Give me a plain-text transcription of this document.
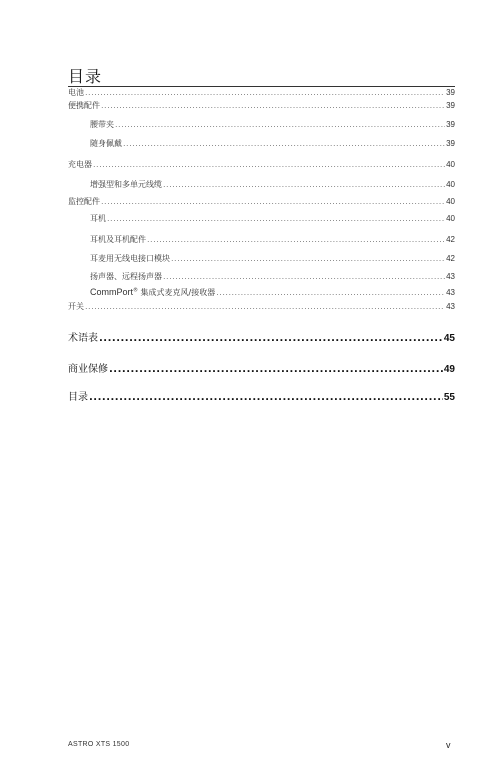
目录
电池 .....	39
便携配件 .....	39
腰带夹 .....	39
随身佩戴 .....	39
充电器 .....	40
增强型和多单元线缆 .....	40
监控配件 .....	40
耳机 .....	40
耳机及耳机配件 .....	42
耳麦用无线电接口模块 .....	42
扬声器、远程扬声器 .....	43
CommPort® 集成式麦克风/接收器 .....	43
开关 .....	43
术语表 .....	45
商业保修 .....	49
目录 .....	55
ASTRO XTS 1500	v
